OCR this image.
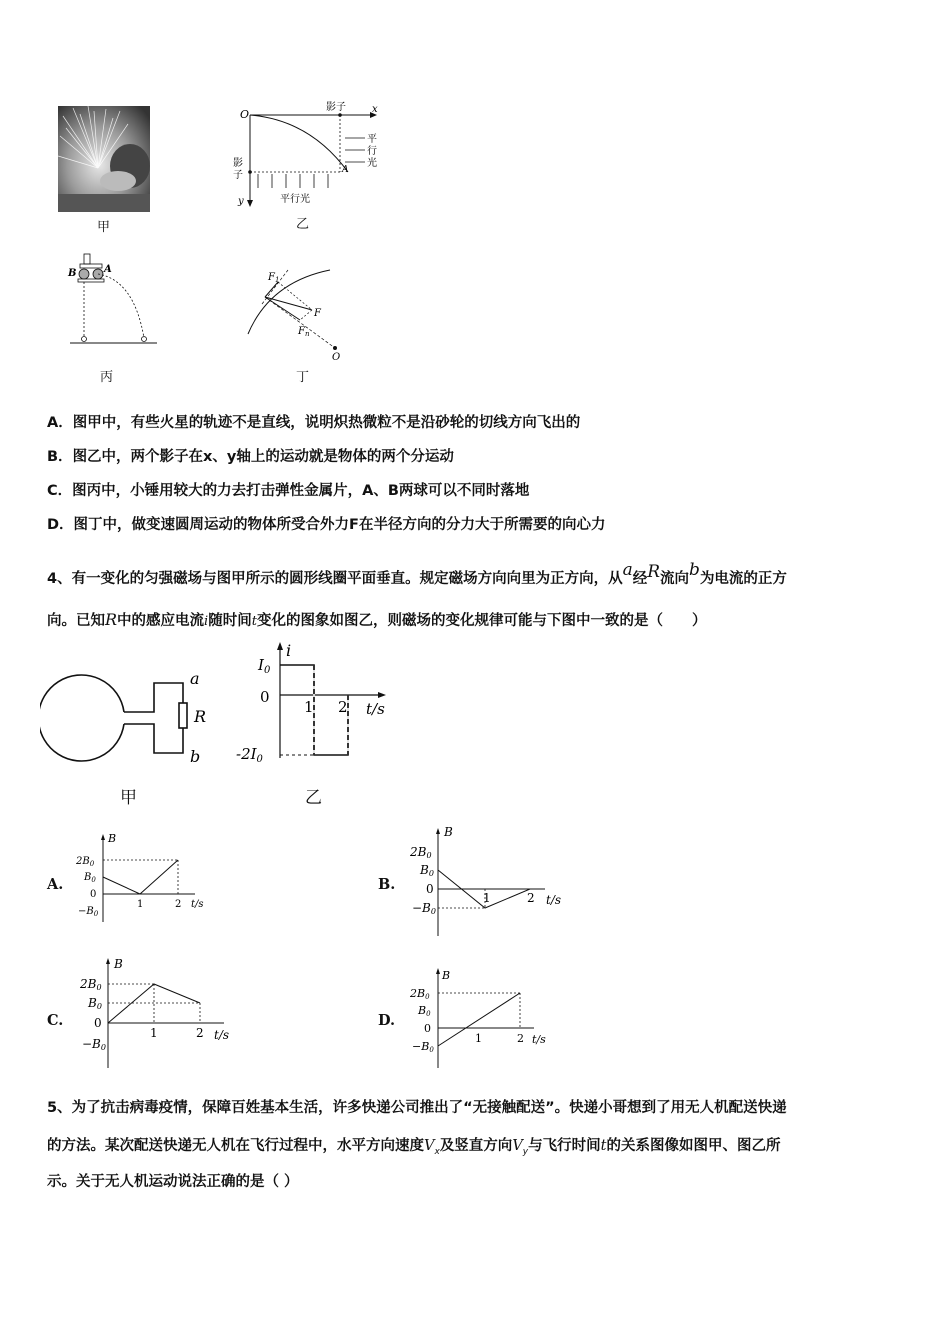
甲
O
影子	x
平
行
光
影
子
y	平行光
A
乙
B	A
丙
$F_1$
F
$F_n$
O
丁
A．图甲中，有些火星的轨迹不是直线，说明炽热微粒不是沿砂轮的切线方向飞出的
B．图乙中，两个影子在x、y轴上的运动就是物体的两个分运动
C．图丙中，小锤用较大的力去打击弹性金属片，A、B两球可以不同时落地
D．图丁中，做变速圆周运动的物体所受合外力F在半径方向的分力大于所需要的向心力
4、有一变化的匀强磁场与图甲所示的圆形线圈平面垂直。规定磁场方向向里为正方向，从a经R流向b为电流的正方
向。已知R中的感应电流i随时间t变化的图象如图乙，则磁场的变化规律可能与下图中一致的是（　　）
a
R
b
甲
i
$I_0$
0
1 2 t/s
$-2I_0$
乙
A.
B
$2B_0$
$B_0$
0
$-B_0$
1	2 t/s
B.
B
2B0
B0
0
−B0
1	2 t/s
C.
B
2B0
B0
0
−B0
1	2 t/s
D.
B
2B0
B0
0
−B0
1	2 t/s
5、为了抗击病毒疫情，保障百姓基本生活，许多快递公司推出了“无接触配送”。快递小哥想到了用无人机配送快递
的方法。某次配送快递无人机在飞行过程中，水平方向速度$V_x$及竖直方向$V_y$与飞行时间t的关系图像如图甲、图乙所
示。关于无人机运动说法正确的是（ ）
